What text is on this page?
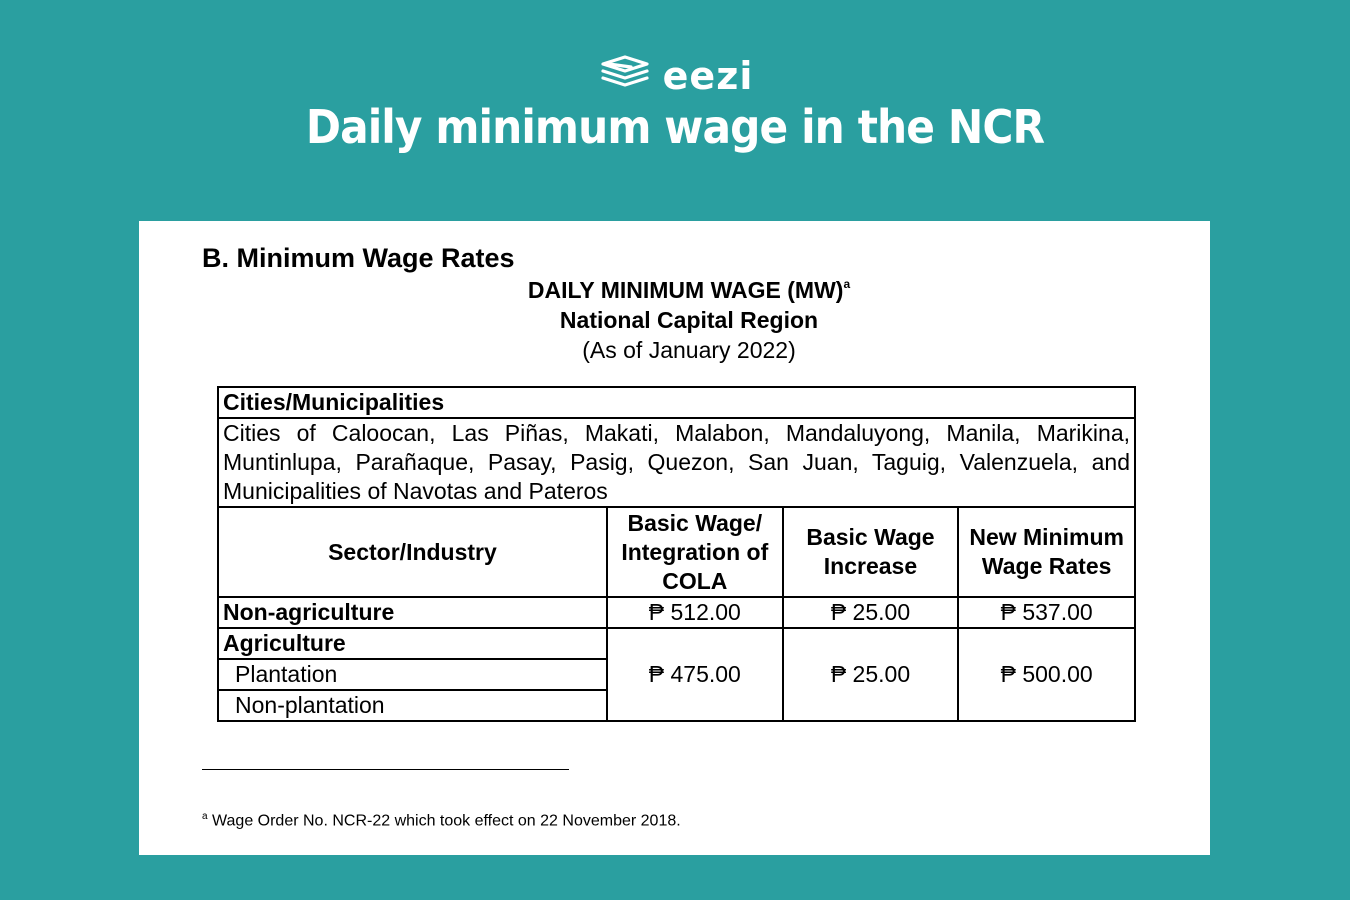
eezi
Daily minimum wage in the NCR
B. Minimum Wage Rates
DAILY MINIMUM WAGE (MW)$^a$
National Capital Region
(As of January 2022)
Cities/Municipalities			
Cities of Caloocan, Las Piñas, Makati, Malabon, Mandaluyong, Manila, Marikina, Muntinlupa, Parañaque, Pasay, Pasig, Quezon, San Juan, Taguig, Valenzuela, and Municipalities of Navotas and Pateros			
Sector/Industry	Basic Wage/ Integration of COLA	Basic Wage Increase	New Minimum Wage Rates
Non-agriculture	₱ 512.00	₱ 25.00	₱ 537.00
Agriculture	₱ 475.00	₱ 25.00	₱ 500.00
Plantation			
Non-plantation			
$^a$ Wage Order No. NCR-22 which took effect on 22 November 2018.
